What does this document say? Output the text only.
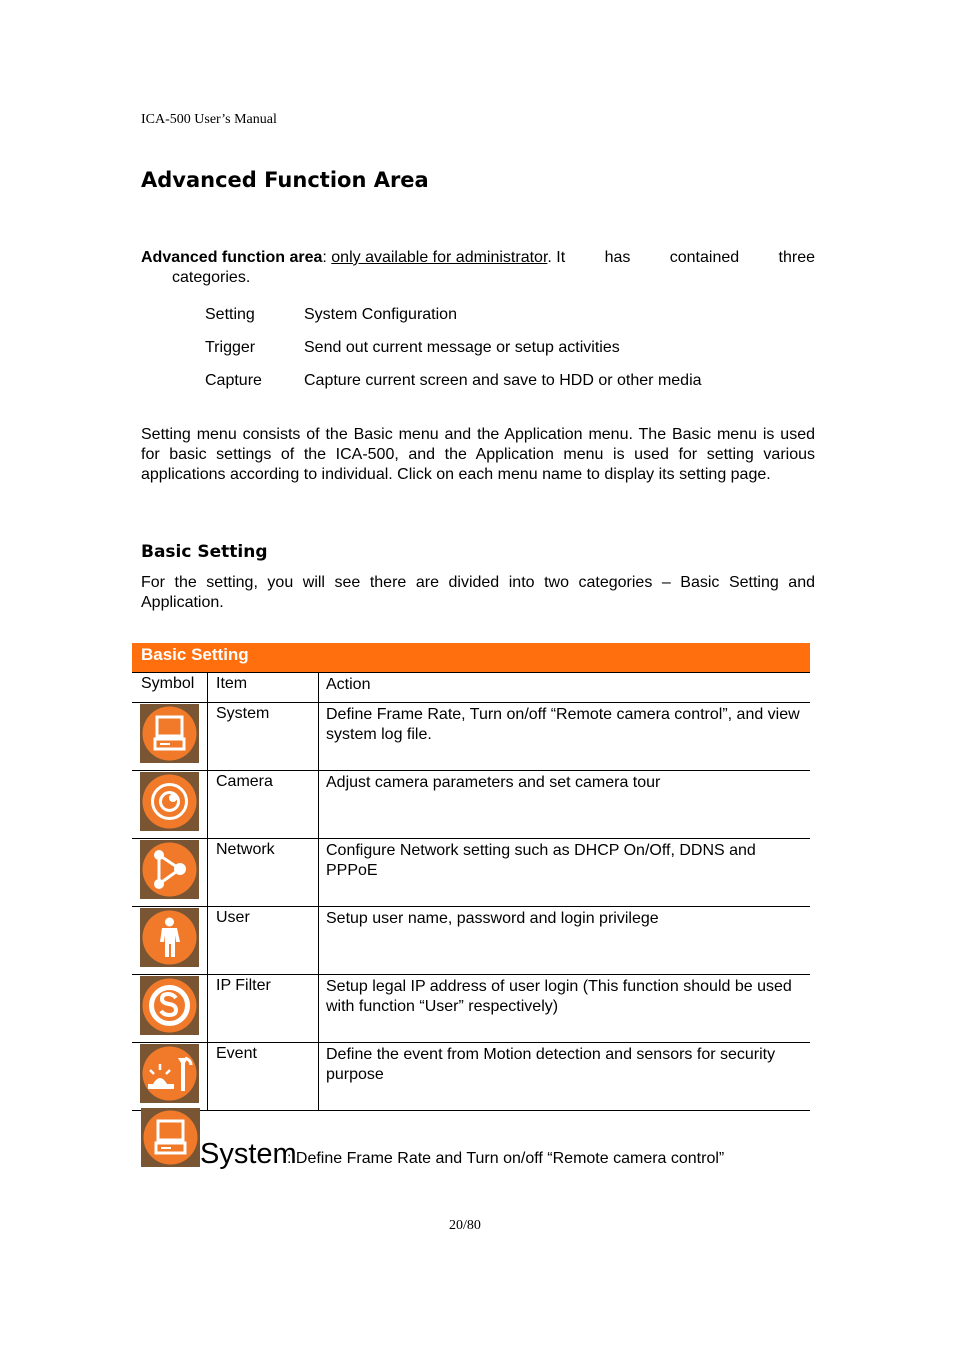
ICA-500 User’s Manual
Advanced Function Area
Advanced function area: only available for administrator. It has contained three
categories.
Setting	System Configuration
Trigger	Send out current message or setup activities
Capture	Capture current screen and save to HDD or other media
Setting menu consists of the Basic menu and the Application menu. The Basic menu is used for basic settings of the ICA-500, and the Application menu is used for setting various applications according to individual. Click on each menu name to display its setting page.
Basic Setting
For the setting, you will see there are divided into two categories – Basic Setting and Application.
Basic Setting
Symbol Item	Action
System	Define Frame Rate, Turn on/off “Remote camera control”, and view system log file.
Camera	Adjust camera parameters and set camera tour
Network	Configure Network setting such as DHCP On/Off, DDNS and PPPoE
User	Setup user name, password and login privilege
IP Filter	Setup legal IP address of user login (This function should be used with function “User” respectively)
Event	Define the event from Motion detection and sensors for security purpose
System
: Define Frame Rate and Turn on/off “Remote camera control”
20/80
